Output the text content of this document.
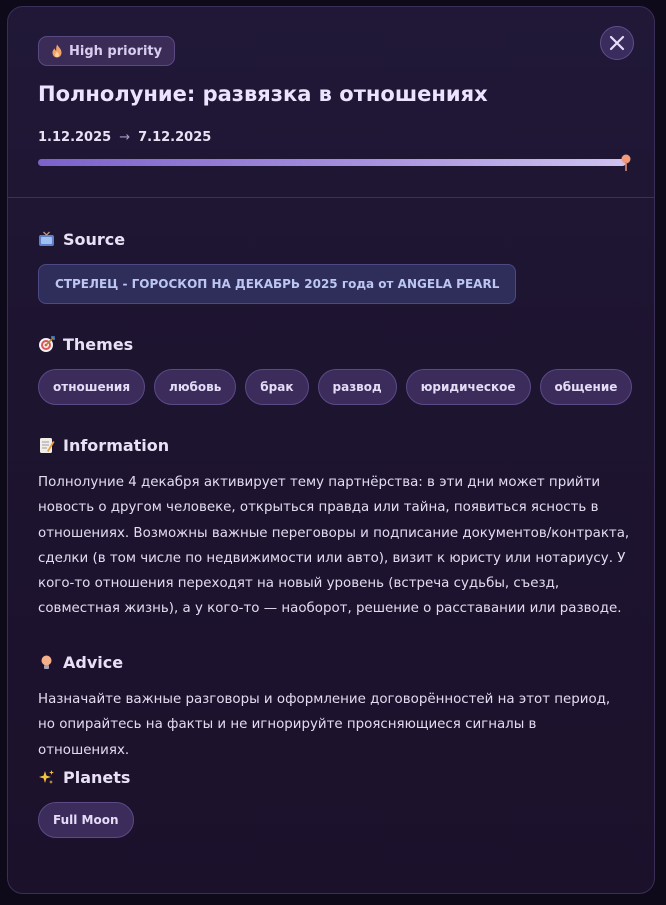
High priority
Полнолуние: развязка в отношениях
1.12.2025 → 7.12.2025
Source
СТРЕЛЕЦ - ГОРОСКОП НА ДЕКАБРЬ 2025 года от ANGELA PEARL
Themes
отношения	любовь	брак	развод	юридическое	общение
Information

Полнолуние 4 декабря активирует тему партнёрства: в эти дни может прийти новость о другом человеке, открыться правда или тайна, появиться ясность в отношениях. Возможны важные переговоры и подписание документов/контракта, сделки (в том числе по недвижимости или авто), визит к юристу или нотариусу. У кого-то отношения переходят на новый уровень (встреча судьбы, съезд, совместная жизнь), а у кого-то — наоборот, решение о расставании или разводе.

Advice

Назначайте важные разговоры и оформление договорённостей на этот период, но опирайтесь на факты и не игнорируйте проясняющиеся сигналы в отношениях.

Planets
Full Moon
